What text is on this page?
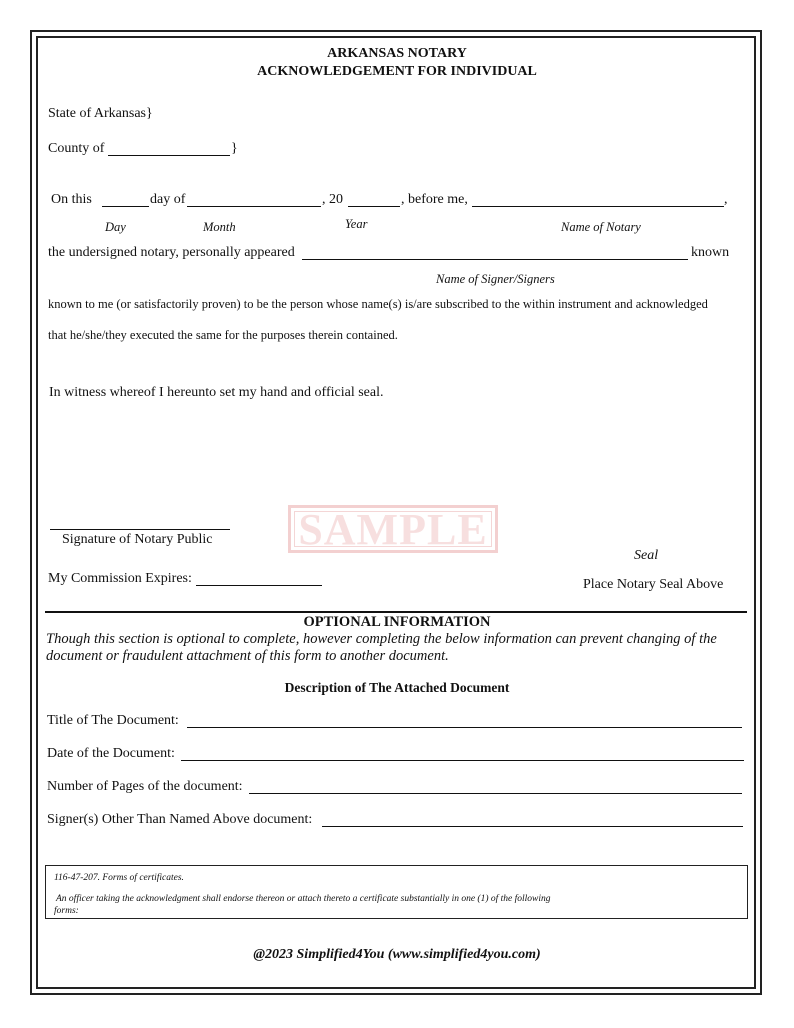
ARKANSAS NOTARY
ACKNOWLEDGEMENT FOR INDIVIDUAL
State of Arkansas}
County of	}
On this	day of	, 20	, before me,	,
Day	Month	Year	Name of Notary
the undersigned notary, personally appeared	known
Name of Signer/Signers
known to me (or satisfactorily proven) to be the person whose name(s) is/are subscribed to the within instrument and acknowledged
that he/she/they executed the same for the purposes therein contained.
In witness whereof I hereunto set my hand and official seal.
SAMPLE
Signature of Notary Public
My Commission Expires:
Seal
Place Notary Seal Above
OPTIONAL INFORMATION
Though this section is optional to complete, however completing the below information can prevent changing of the document or fraudulent attachment of this form to another document.
Description of The Attached Document
Title of The Document:
Date of the Document:
Number of Pages of the document:
Signer(s) Other Than Named Above document:
116-47-207. Forms of certificates.
An officer taking the acknowledgment shall endorse thereon or attach thereto a certificate substantially in one (1) of the following
forms:
@2023 Simplified4You (www.simplified4you.com)
